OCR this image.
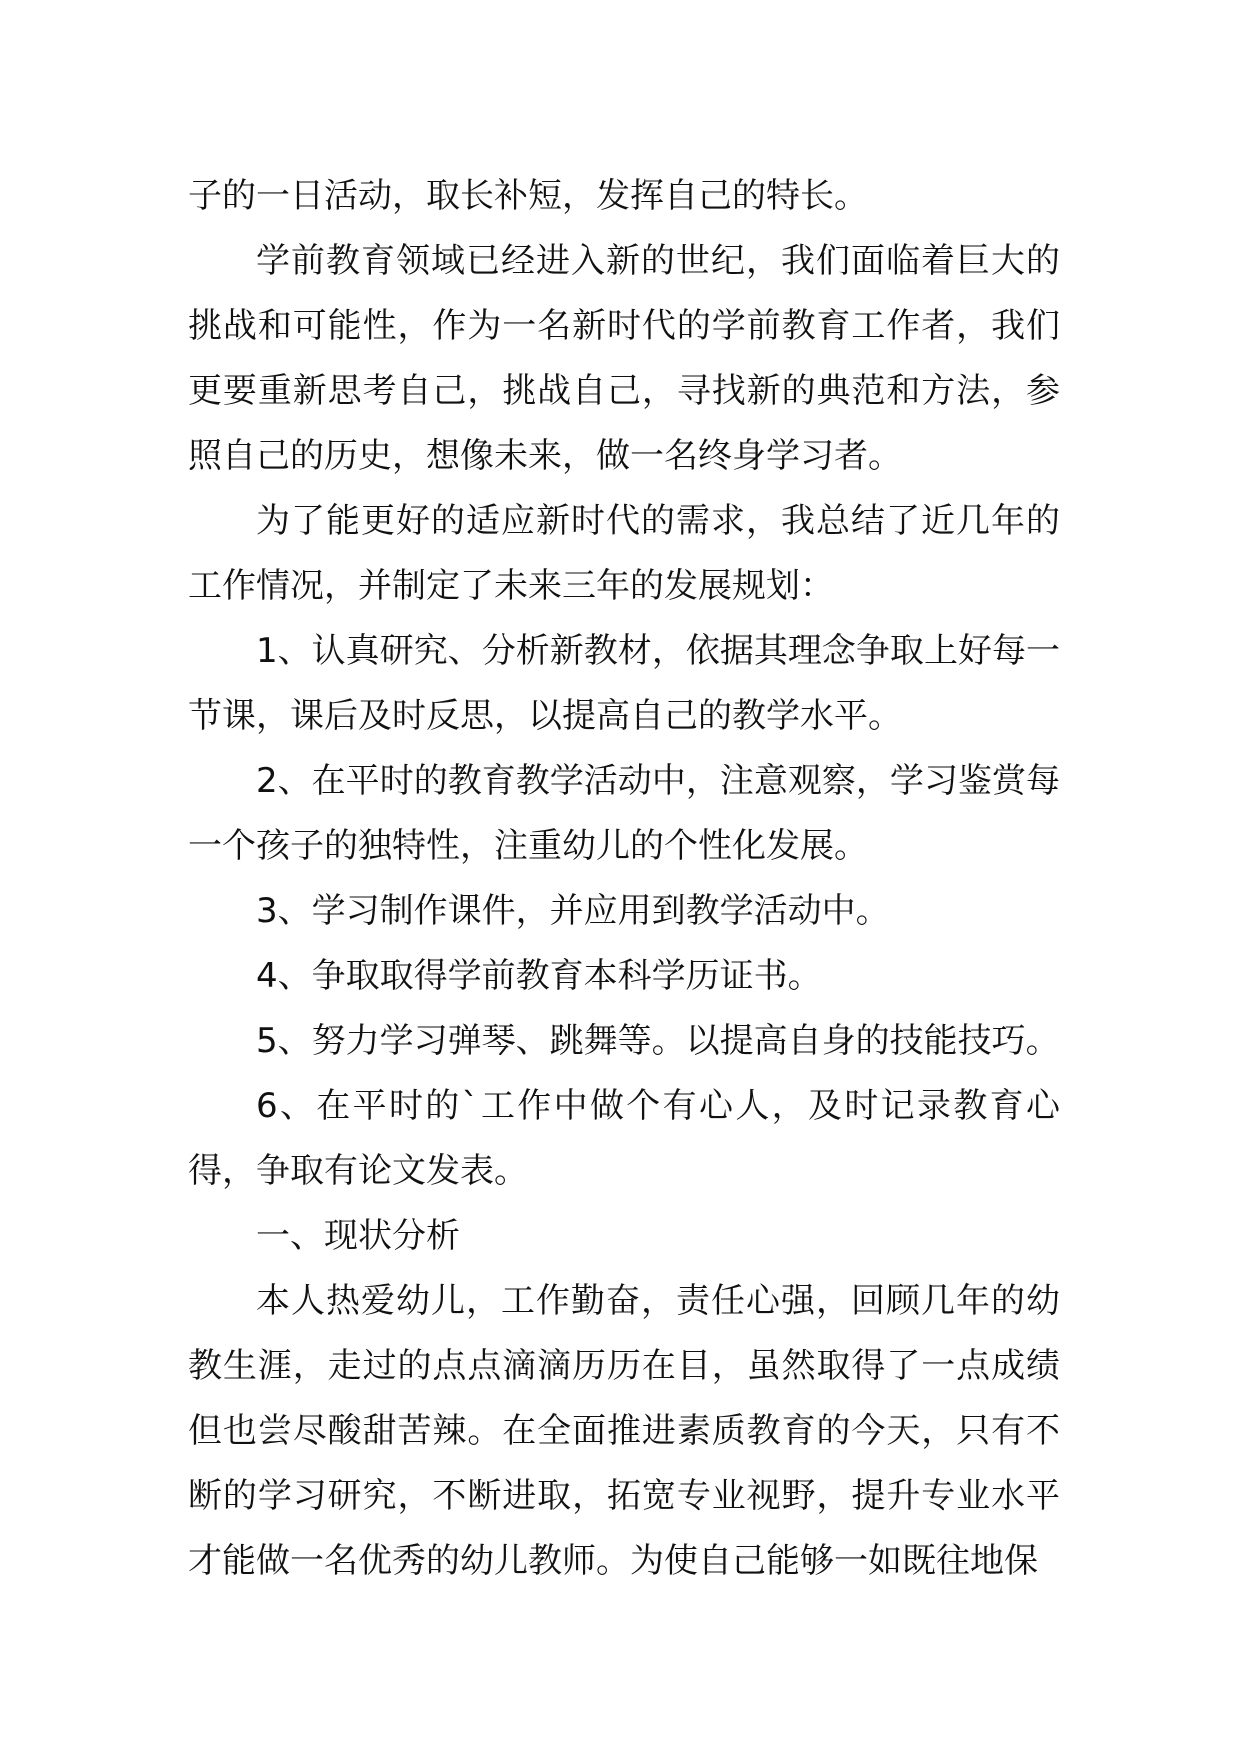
子的一日活动，取长补短，发挥自己的特长。

学前教育领域已经进入新的世纪，我们面临着巨大的挑战和可能性，作为一名新时代的学前教育工作者，我们更要重新思考自己，挑战自己，寻找新的典范和方法，参照自己的历史，想像未来，做一名终身学习者。

为了能更好的适应新时代的需求，我总结了近几年的工作情况，并制定了未来三年的发展规划：

1、认真研究、分析新教材，依据其理念争取上好每一节课，课后及时反思，以提高自己的教学水平。

2、在平时的教育教学活动中，注意观察，学习鉴赏每一个孩子的独特性，注重幼儿的个性化发展。

3、学习制作课件，并应用到教学活动中。

4、争取取得学前教育本科学历证书。

5、努力学习弹琴、跳舞等。以提高自身的技能技巧。

6、在平时的`工作中做个有心人，及时记录教育心得，争取有论文发表。

一、现状分析

本人热爱幼儿，工作勤奋，责任心强，回顾几年的幼教生涯，走过的点点滴滴历历在目，虽然取得了一点成绩但也尝尽酸甜苦辣。在全面推进素质教育的今天，只有不断的学习研究，不断进取，拓宽专业视野，提升专业水平才能做一名优秀的幼儿教师。为使自己能够一如既往地保
